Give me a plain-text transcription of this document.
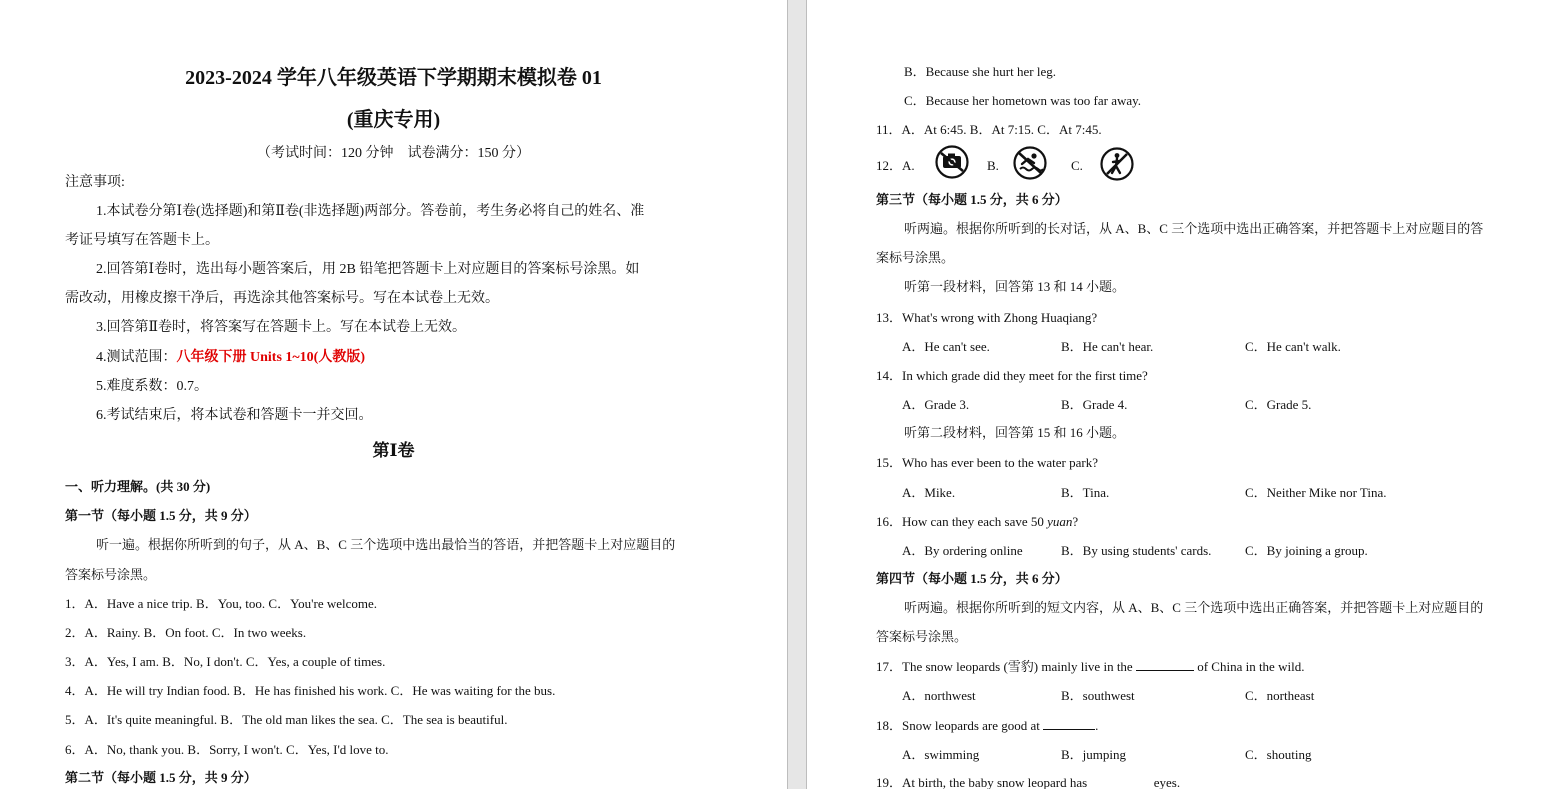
2023-2024 学年八年级英语下学期期末模拟卷 01
(重庆专用)
（考试时间：120 分钟　试卷满分：150 分）
注意事项:
1.本试卷分第Ⅰ卷(选择题)和第Ⅱ卷(非选择题)两部分。答卷前，考生务必将自己的姓名、准
考证号填写在答题卡上。
2.回答第Ⅰ卷时，选出每小题答案后，用 2B 铅笔把答题卡上对应题目的答案标号涂黑。如
需改动，用橡皮擦干净后，再选涂其他答案标号。写在本试卷上无效。
3.回答第Ⅱ卷时，将答案写在答题卡上。写在本试卷上无效。
4.测试范围：八年级下册 Units 1~10(人教版)
5.难度系数：0.7。
6.考试结束后，将本试卷和答题卡一并交回。
第Ⅰ卷
一、听力理解。(共 30 分)
第一节（每小题 1.5 分，共 9 分）
听一遍。根据你所听到的句子，从 A、B、C 三个选项中选出最恰当的答语，并把答题卡上对应题目的
答案标号涂黑。
1．A．Have a nice trip. B．You, too. C．You're welcome.
2．A．Rainy. B．On foot. C．In two weeks.
3．A．Yes, I am. B．No, I don't. C．Yes, a couple of times.
4．A．He will try Indian food. B．He has finished his work. C．He was waiting for the bus.
5．A．It's quite meaningful. B．The old man likes the sea. C．The sea is beautiful.
6．A．No, thank you. B．Sorry, I won't. C．Yes, I'd love to.
第二节（每小题 1.5 分，共 9 分）
B．Because she hurt her leg.
C．Because her hometown was too far away.
11．A．At 6:45. B．At 7:15. C．At 7:45.
12．A.	B.	C.
第三节（每小题 1.5 分，共 6 分）
听两遍。根据你所听到的长对话，从 A、B、C 三个选项中选出正确答案，并把答题卡上对应题目的答
案标号涂黑。
听第一段材料，回答第 13 和 14 小题。
13．What's wrong with Zhong Huaqiang?
A．He can't see.	B．He can't hear.	C．He can't walk.
14．In which grade did they meet for the first time?
A．Grade 3.	B．Grade 4.	C．Grade 5.
听第二段材料，回答第 15 和 16 小题。
15．Who has ever been to the water park?
A．Mike.	B．Tina.	C．Neither Mike nor Tina.
16．How can they each save 50 yuan?
A．By ordering online	B．By using students' cards.	C．By joining a group.
第四节（每小题 1.5 分，共 6 分）
听两遍。根据你所听到的短文内容，从 A、B、C 三个选项中选出正确答案，并把答题卡上对应题目的
答案标号涂黑。
17．The snow leopards (雪豹) mainly live in the	of China in the wild.
A．northwest	B．southwest	C．northeast
18．Snow leopards are good at	.
A．swimming	B．jumping	C．shouting
19．At birth, the baby snow leopard has	eyes.
